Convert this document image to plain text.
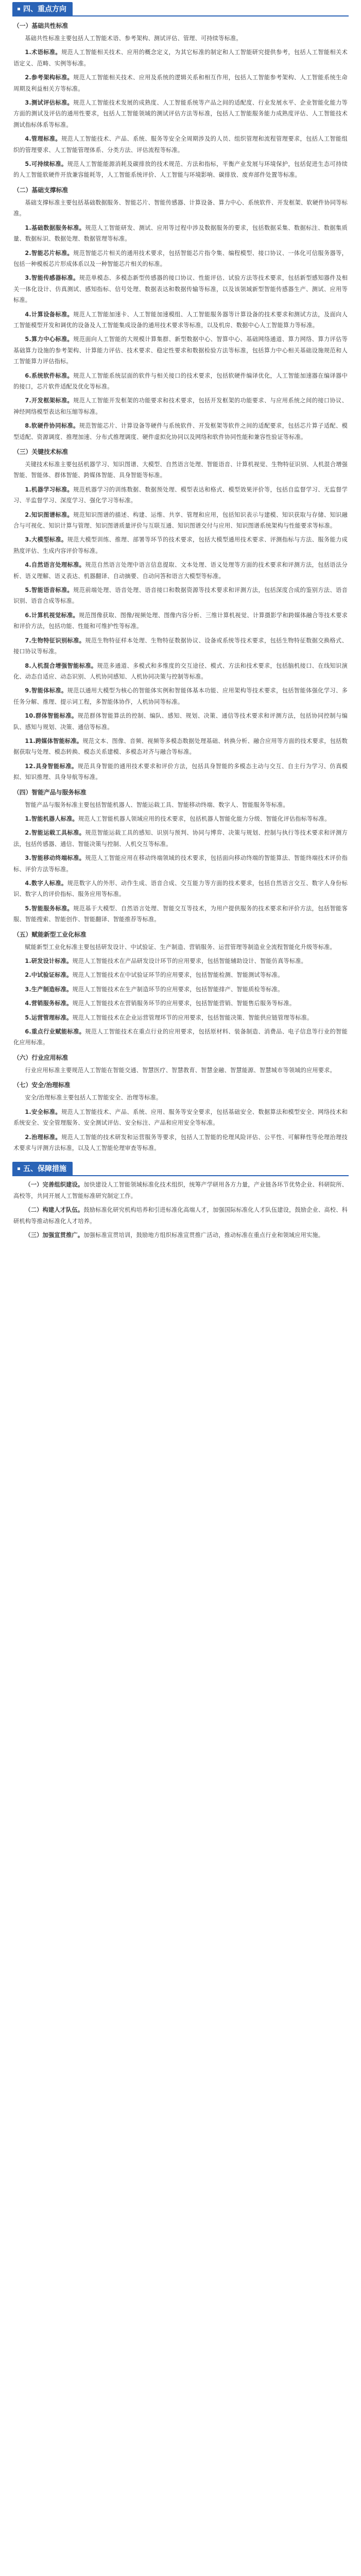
四、重点方向
（一）基础共性标准

基础共性标准主要包括人工智能术语、参考架构、测试评估、管理、可持续等标准。

1.术语标准。规范人工智能相关技术、应用的概念定义，为其它标准的制定和人工智能研究提供参考，包括人工智能相关术语定义、范畴、实例等标准。

2.参考架构标准。规范人工智能相关技术、应用及系统的逻辑关系和相互作用，包括人工智能参考架构、人工智能系统生命周期及利益相关方等标准。

3.测试评估标准。规范人工智能技术发展的成熟度、人工智能系统等产品之间的适配度、行业发展水平、企业智能化能力等方面的测试及评估的通用性要求，包括人工智能领域的测试评估方法等标准，包括人工智能服务能力成熟度评估、人工智能技术测试指标体系等标准。

4.管理标准。规范人工智能技术、产品、系统、服务等安全全周期涉及的人员、组织管理和流程管理要求，包括人工智能组织的管理要求、人工智能管理体系、分类方法、评估流程等标准。

5.可持续标准。规范人工智能能源消耗及碳排放的技术规范、方法和指标，平衡产业发展与环境保护，包括促进生态可持续的人工智能软硬件开放兼容能耗等，人工智能系统评价、人工智能与环境影响、碳排放、废弃部件处置等标准。

（二）基础支撑标准

基础支撑标准主要包括基础数据服务、智能芯片、智能传感器、计算设备、算力中心、系统软件、开发框架、软硬件协同等标准。

1.基础数据服务标准。规范人工智能研发、测试、应用等过程中涉及数据服务的要求，包括数据采集、数据标注、数据集质量、数据标识、数据处理、数据管理等标准。

2.智能芯片标准。规范智能芯片相关的通用技术要求，包括智能芯片指令集、编程模型、接口协议、一体化可信服务器等，包括一种模板芯片形成体系以及一种智能芯片相关的标准。

3.智能传感器标准。规范单模态、多模态新型传感器的接口协议、性能评估、试验方法等技术要求，包括新型感知器件及相关一体化设计、仿真测试、感知指标、信号处理、数据表达和数据传输等标准，以及该领域新型智能传感器生产、测试、应用等标准。

4.计算设备标准。规范人工智能加速卡、人工智能加速模组、人工智能服务器等计算设备的技术要求和测试方法，及面向人工智能模型开发和调优的设备及人工智能集成设备的通用技术要求等标准，以及机房、数据中心人工智能算力等标准。

5.算力中心标准。规范面向人工智能的大规模计算集群、新型数据中心、智算中心、基础网络通道、算力网络、算力评估等基础算力设施的参考架构、计算能力评估、技术要求、稳定性要求和数据检验方法等标准，包括算力中心相关基础设施规范和人工智能算力评估指标。

6.系统软件标准。规范人工智能系统层面的软件与相关接口的技术要求，包括软硬件编译优化，人工智能加速器在编译器中的接口，芯片软件适配及优化等标准。

7.开发框架标准。规范人工智能开发框架的功能要求和技术要求，包括开发框架的功能要求、与应用系统之间的接口协议、神经网络模型表达和压缩等标准。

8.软硬件协同标准。规范智能芯片、计算设备等硬件与系统软件、开发框架等软件之间的适配要求，包括芯片算子适配、模型适配、资源调度、推理加速、分布式推理调度、硬件虚拟化协同以及网络和软件协同性能和兼容性验证等标准。

（三）关键技术标准

关键技术标准主要包括机器学习、知识图谱、大模型、自然语言处理、智能语音、计算机视觉、生物特征识别、人机混合增强智能、智能体、群体智能、跨媒体智能、具身智能等标准。

1.机器学习标准。规范机器学习的训练数据、数据预处理、模型表达和格式、模型效果评价等，包括自监督学习、无监督学习、半监督学习、深度学习、强化学习等标准。

2.知识图谱标准。规范知识图谱的描述、构建、运维、共享、管理和应用，包括知识表示与建模、知识获取与存储、知识融合与可视化、知识计算与管理、知识图谱质量评价与互联互通、知识图谱交付与应用、知识图谱系统架构与性能要求等标准。

3.大模型标准。规范大模型训练、推理、部署等环节的技术要求，包括大模型通用技术要求、评测指标与方法、服务能力成熟度评估、生成内容评价等标准。

4.自然语言处理标准。规范自然语言处理中语言信息提取、文本处理、语义处理等方面的技术要求和评测方法，包括语法分析、语义理解、语义表达、机器翻译、自动摘要、自动问答和语言大模型等标准。

5.智能语音标准。规范前端处理、语音处理、语音接口和数据资源等技术要求和评测方法，包括深度合成的鉴别方法、语音识别、语音合成等标准。

6.计算机视觉标准。规范图像获取、图像/视频处理、图像内容分析、三维计算机视觉、计算摄影学和跨媒体融合等技术要求和评价方法，包括功能、性能和可维护性等标准。

7.生物特征识别标准。规范生物特征样本处理、生物特征数据协议、设备或系统等技术要求，包括生物特征数据交换格式、接口协议等标准。

8.人机混合增强智能标准。规范多通道、多模式和多维度的交互途径、模式、方法和技术要求，包括脑机接口、在线知识演化、动态自适应、动态识别、人机协同感知、人机协同决策与控制等标准。

9.智能体标准。规范以通用大模型为核心的智能体实例和智能体基本功能、应用架构等技术要求，包括智能体强化学习、多任务分解、推理、提示词工程，多智能体协作，人机协同等标准。

10.群体智能标准。规范群体智能算法的控制、编队、感知、规划、决策、通信等技术要求和评测方法，包括协同控制与编队、感知与规划、决策、通信等标准。

11.跨媒体智能标准。规范文本、图像、音频、视频等多模态数据处理基础、转换分析、融合应用等方面的技术要求，包括数据获取与处理、模态转换、模态关系建模、多模态对齐与融合等标准。

12.具身智能标准。规范具身智能的通用技术要求和评价方法，包括具身智能的多模态主动与交互、自主行为学习、仿真模拟、知识推理、具身导航等标准。

（四）智能产品与服务标准

智能产品与服务标准主要包括智能机器人、智能运载工具、智能移动终端、数字人、智能服务等标准。

1.智能机器人标准。规范人工智能机器人领域应用的技术要求，包括机器人智能化能力分级、智能化评估指标等标准。

2.智能运载工具标准。规范智能运载工具的感知、识别与预判、协同与博弈、决策与规划、控制与执行等技术要求和评测方法，包括传感器、通信、智能决策与控制、人机交互等标准。

3.智能移动终端标准。规范人工智能应用在移动终端领域的技术要求，包括面向移动终端的智能算法、智能终端技术评价指标、评价方法等标准。

4.数字人标准。规范数字人的外形、动作生成、语音合成、交互能力等方面的技术要求，包括自然语言交互、数字人身份标识、数字人的评价指标、服务应用等标准。

5.智能服务标准。规范基于大模型、自然语言处理、智能交互等技术，为用户提供服务的技术要求和评价方法，包括智能客服、智能搜索、智能创作、智能翻译、智能推荐等标准。

（五）赋能新型工业化标准

赋能新型工业化标准主要包括研发设计、中试验证、生产制造、营销服务、运营管理等制造业全流程智能化升级等标准。

1.研发设计标准。规范人工智能技术在产品研发设计环节的应用要求，包括智能辅助设计、智能仿真等标准。

2.中试验证标准。规范人工智能技术在中试验证环节的应用要求，包括智能检测、智能测试等标准。

3.生产制造标准。规范人工智能技术在生产制造环节的应用要求，包括智能排产、智能质检等标准。

4.营销服务标准。规范人工智能技术在营销服务环节的应用要求，包括智能营销、智能售后服务等标准。

5.运营管理标准。规范人工智能技术在企业运营管理环节的应用要求，包括智能决策、智能供应链管理等标准。

6.重点行业赋能标准。规范人工智能技术在重点行业的应用要求，包括原材料、装备制造、消费品、电子信息等行业的智能化应用标准。

（六）行业应用标准

行业应用标准主要规范人工智能在智能交通、智慧医疗、智慧教育、智慧金融、智慧能源、智慧城市等领域的应用要求。

（七）安全/治理标准

安全/治理标准主要包括人工智能安全、治理等标准。

1.安全标准。规范人工智能技术、产品、系统、应用、服务等安全要求，包括基础安全、数据算法和模型安全、网络技术和系统安全、安全管理服务、安全测试评估、安全标注、产品和应用安全等标准。

2.治理标准。规范人工智能的技术研发和运营服务等要求，包括人工智能的伦理风险评估、公平性、可解释性等伦理治理技术要求与评测方法标准，以及人工智能伦理审查等标准。

五、保障措施

（一）完善组织建设。加快建设人工智能领域标准化技术组织，统筹产学研用各方力量，产业链各环节优势企业、科研院所、高校等，共同开展人工智能标准研究制定工作。

（二）构建人才队伍。鼓励标准化研究机构培养和引进标准化高端人才，加强国际标准化人才队伍建设，鼓励企业、高校、科研机构等推动标准化人才培养。

（三）加强宣贯推广。加强标准宣贯培训，鼓励地方组织标准宣贯推广活动，推动标准在重点行业和领域应用实施。
